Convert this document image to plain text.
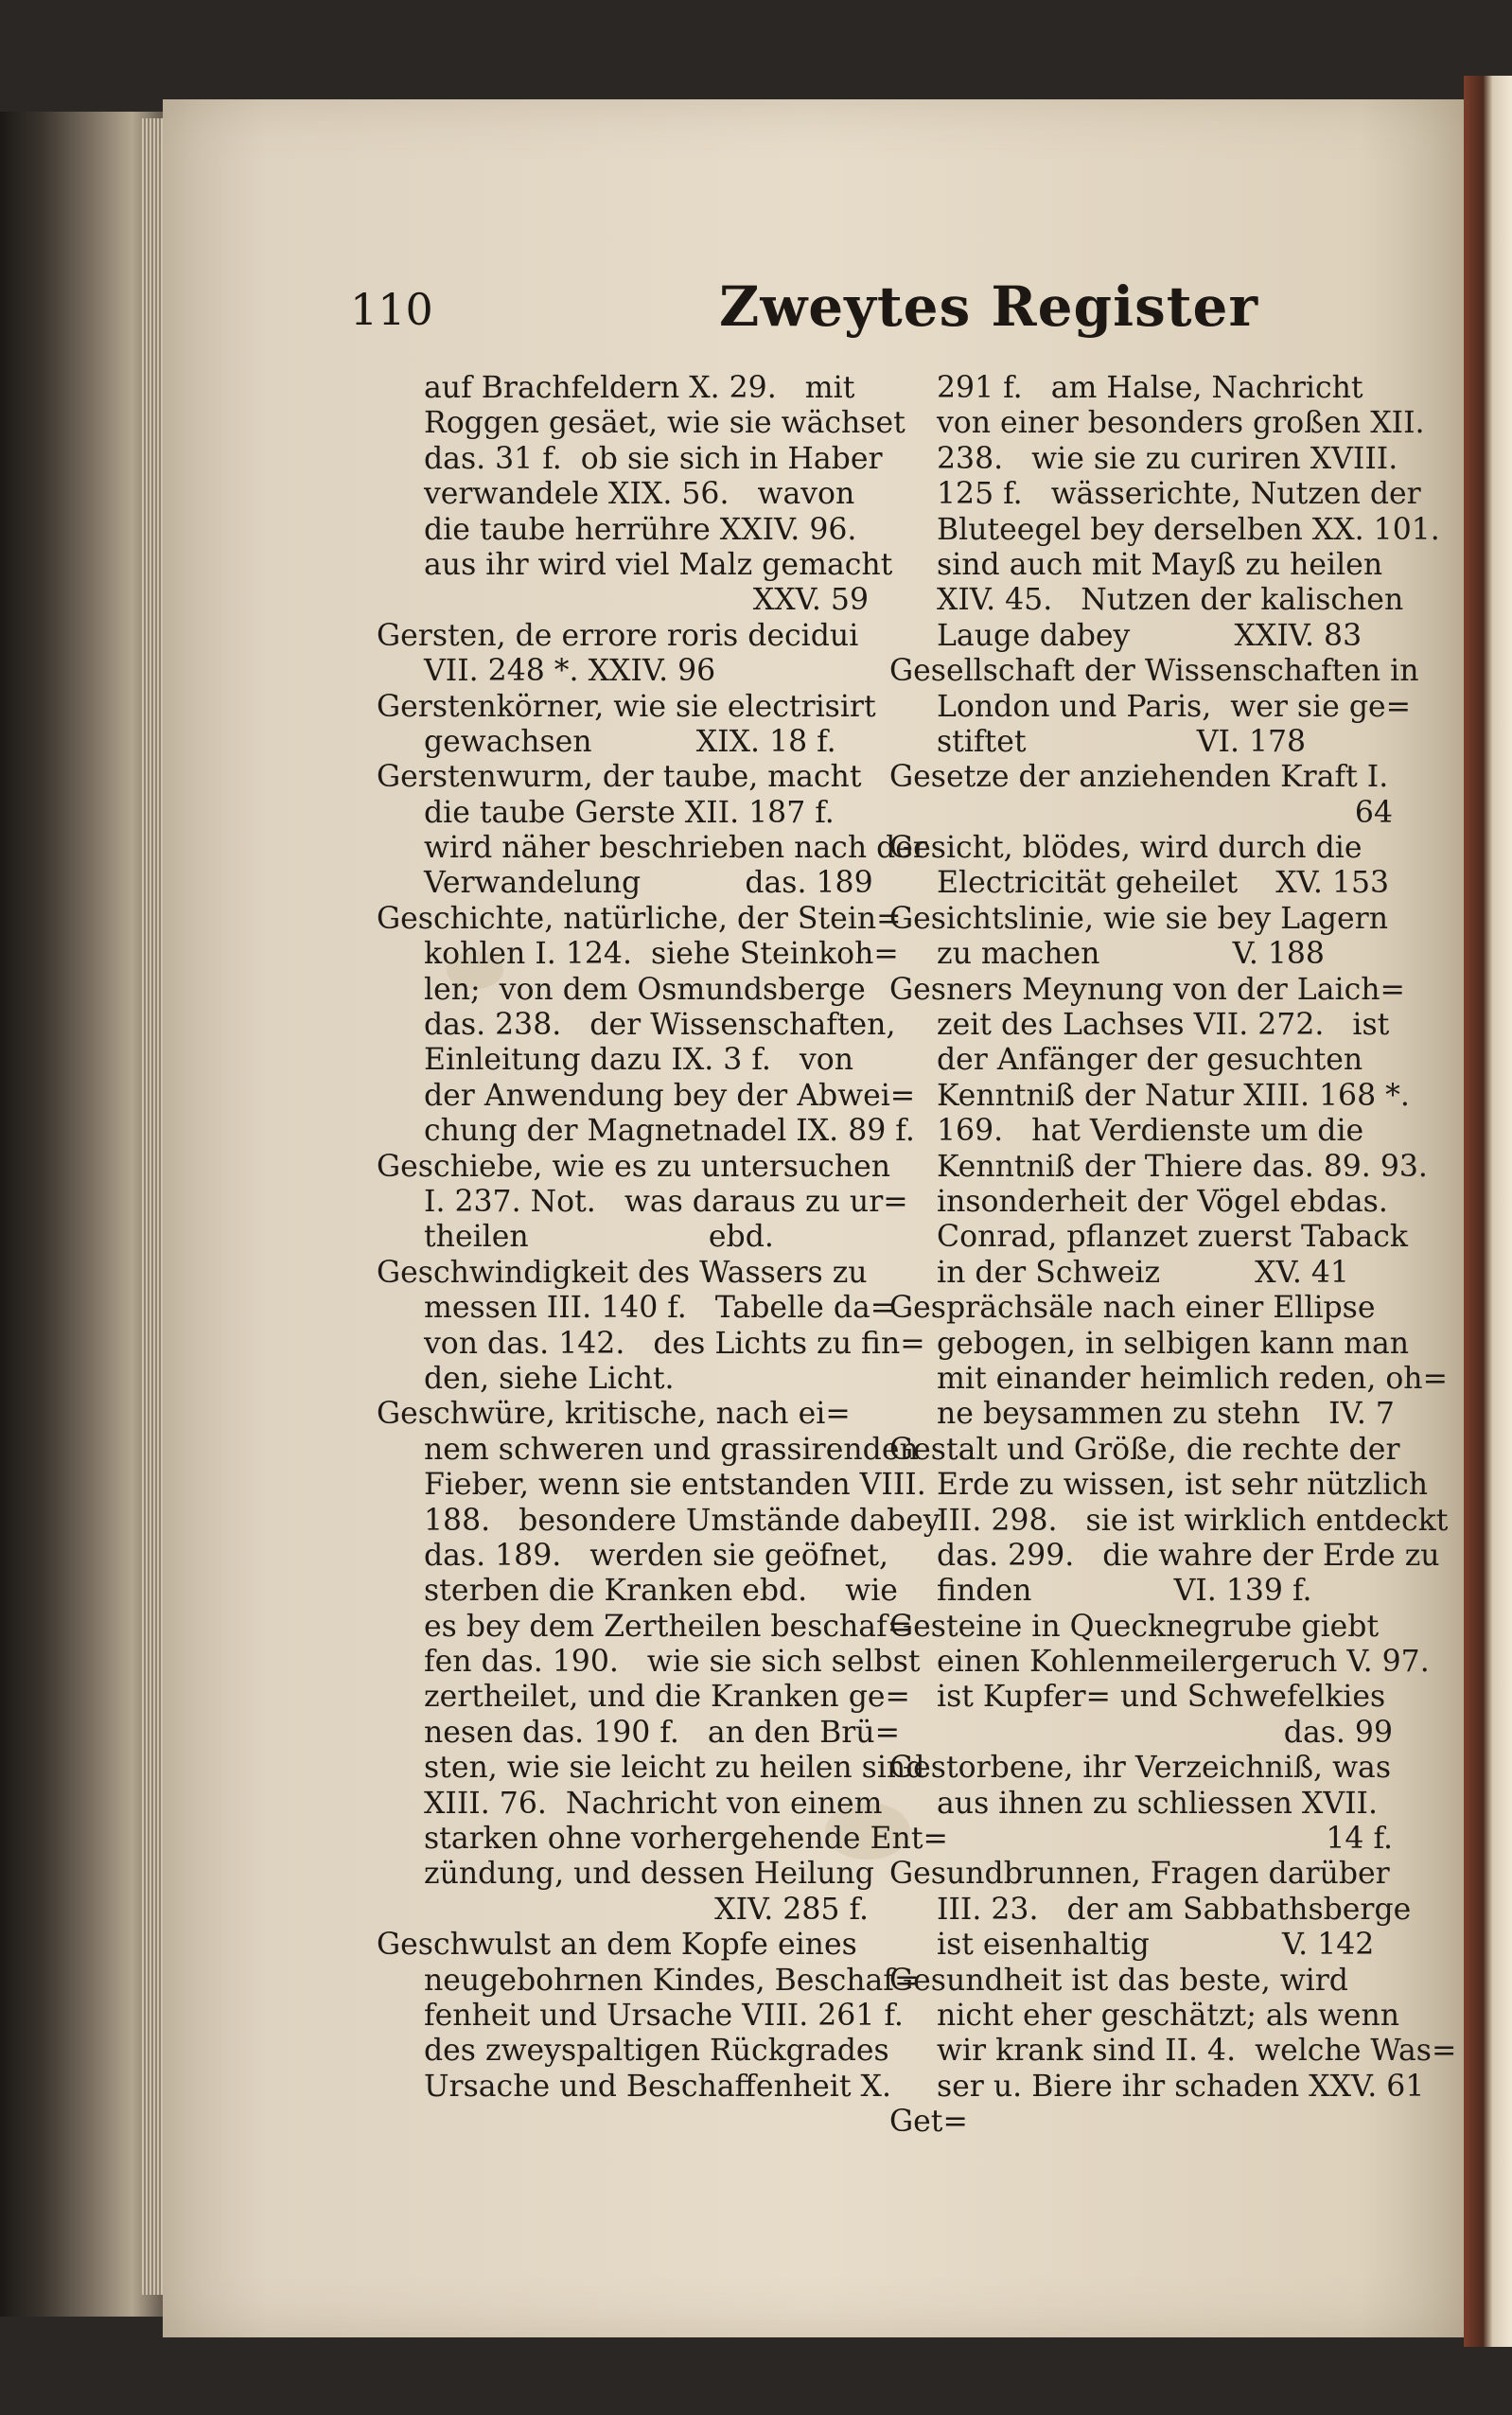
110	Zweytes Register
auf Brachfeldern X. 29.   mit
Roggen gesäet, wie sie wächset
das. 31 f.  ob sie sich in Haber
verwandele XIX. 56.   wavon
die taube herrühre XXIV. 96.
aus ihr wird viel Malz gemacht
XXV. 59
Gersten, de errore roris decidui
VII. 248 *. XXIV. 96
Gerstenkörner, wie sie electrisirt
gewachsen           XIX. 18 f.
Gerstenwurm, der taube, macht
die taube Gerste XII. 187 f.
wird näher beschrieben nach der
Verwandelung           das. 189
Geschichte, natürliche, der Stein=
kohlen I. 124.  siehe Steinkoh=
len;  von dem Osmundsberge
das. 238.   der Wissenschaften,
Einleitung dazu IX. 3 f.   von
der Anwendung bey der Abwei=
chung der Magnetnadel IX. 89 f.
Geschiebe, wie es zu untersuchen
I. 237. Not.   was daraus zu ur=
theilen                   ebd.
Geschwindigkeit des Wassers zu
messen III. 140 f.   Tabelle da=
von das. 142.   des Lichts zu fin=
den, siehe Licht.
Geschwüre, kritische, nach ei=
nem schweren und grassirenden
Fieber, wenn sie entstanden VIII.
188.   besondere Umstände dabey
das. 189.   werden sie geöfnet,
sterben die Kranken ebd.    wie
es bey dem Zertheilen beschaf=
fen das. 190.   wie sie sich selbst
zertheilet, und die Kranken ge=
nesen das. 190 f.   an den Brü=
sten, wie sie leicht zu heilen sind
XIII. 76.  Nachricht von einem
starken ohne vorhergehende Ent=
zündung, und dessen Heilung
XIV. 285 f.
Geschwulst an dem Kopfe eines
neugebohrnen Kindes, Beschaf=
fenheit und Ursache VIII. 261 f.
des zweyspaltigen Rückgrades
Ursache und Beschaffenheit X.
291 f.   am Halse, Nachricht
von einer besonders großen XII.
238.   wie sie zu curiren XVIII.
125 f.   wässerichte, Nutzen der
Bluteegel bey derselben XX. 101.
sind auch mit Mayß zu heilen
XIV. 45.   Nutzen der kalischen
Lauge dabey           XXIV. 83
Gesellschaft der Wissenschaften in
London und Paris,  wer sie ge=
stiftet                  VI. 178
Gesetze der anziehenden Kraft I.
64
Gesicht, blödes, wird durch die
Electricität geheilet    XV. 153
Gesichtslinie, wie sie bey Lagern
zu machen              V. 188
Gesners Meynung von der Laich=
zeit des Lachses VII. 272.   ist
der Anfänger der gesuchten
Kenntniß der Natur XIII. 168 *.
169.   hat Verdienste um die
Kenntniß der Thiere das. 89. 93.
insonderheit der Vögel ebdas.
Conrad, pflanzet zuerst Taback
in der Schweiz          XV. 41
Gesprächsäle nach einer Ellipse
gebogen, in selbigen kann man
mit einander heimlich reden, oh=
ne beysammen zu stehn   IV. 7
Gestalt und Größe, die rechte der
Erde zu wissen, ist sehr nützlich
III. 298.   sie ist wirklich entdeckt
das. 299.   die wahre der Erde zu
finden               VI. 139 f.
Gesteine in Quecknegrube giebt
einen Kohlenmeilergeruch V. 97.
ist Kupfer= und Schwefelkies
das. 99
Gestorbene, ihr Verzeichniß, was
aus ihnen zu schliessen XVII.
14 f.
Gesundbrunnen, Fragen darüber
III. 23.   der am Sabbathsberge
ist eisenhaltig              V. 142
Gesundheit ist das beste, wird
nicht eher geschätzt; als wenn
wir krank sind II. 4.  welche Was=
ser u. Biere ihr schaden XXV. 61
Get=
